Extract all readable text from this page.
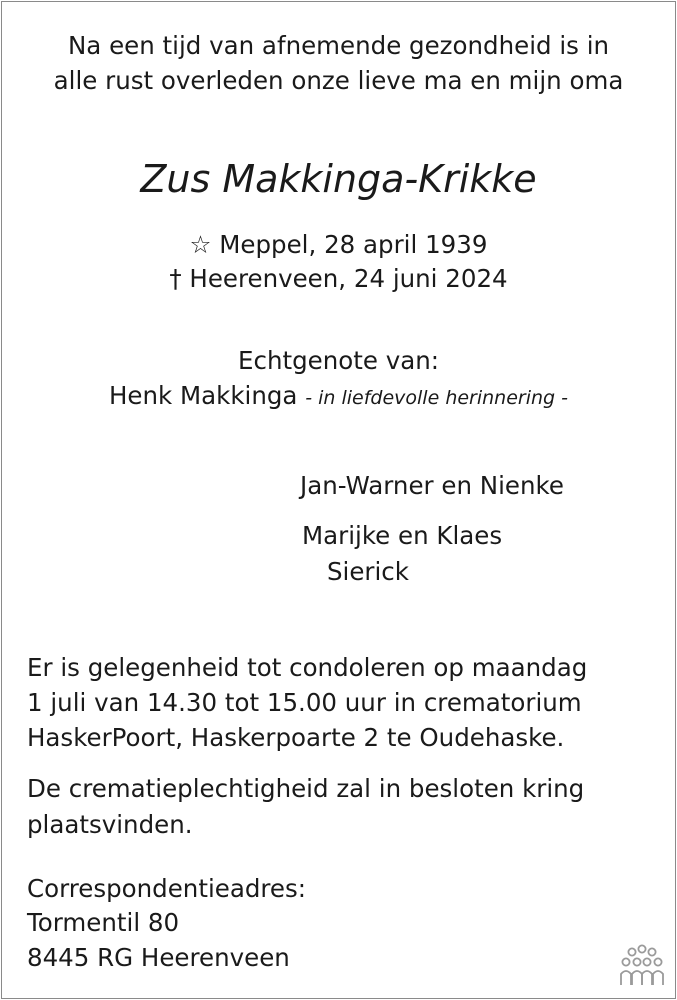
Na een tijd van afnemende gezondheid is in
alle rust overleden onze lieve ma en mijn oma
Zus Makkinga-Krikke
☆ Meppel, 28 april 1939
† Heerenveen, 24 juni 2024
Echtgenote van:
Henk Makkinga - in liefdevolle herinnering -
Jan-Warner en Nienke
Marijke en Klaes
Sierick
Er is gelegenheid tot condoleren op maandag
1 juli van 14.30 tot 15.00 uur in crematorium
HaskerPoort, Haskerpoarte 2 te Oudehaske.
De crematieplechtigheid zal in besloten kring
plaatsvinden.
Correspondentieadres:
Tormentil 80
8445 RG Heerenveen
